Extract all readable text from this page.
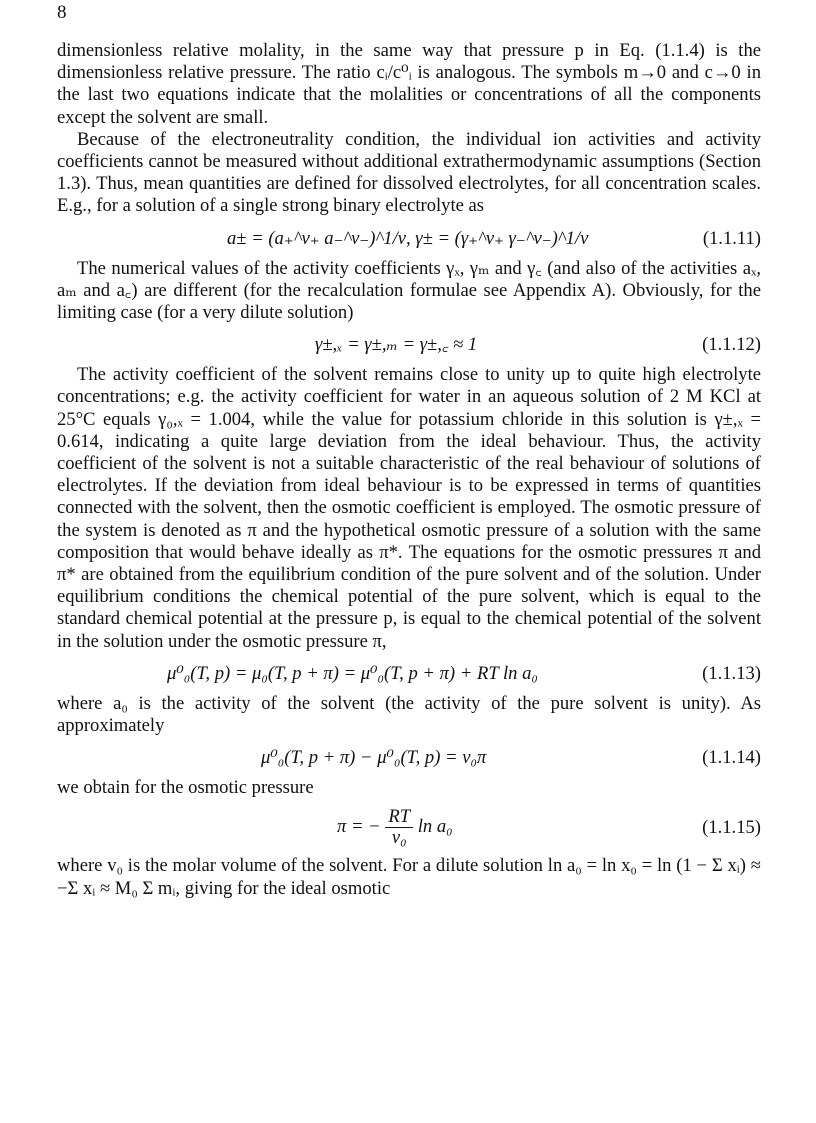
8

dimensionless relative molality, in the same way that pressure p in Eq. (1.1.4) is the dimensionless relative pressure. The ratio cᵢ/c⁰ᵢ is analogous. The symbols m→0 and c→0 in the last two equations indicate that the molalities or concentrations of all the components except the solvent are small.

Because of the electroneutrality condition, the individual ion activities and activity coefficients cannot be measured without additional extrathermodynamic assumptions (Section 1.3). Thus, mean quantities are defined for dissolved electrolytes, for all concentration scales. E.g., for a solution of a single strong binary electrolyte as

a± = (a₊^ν₊ a₋^ν₋)^1/ν, γ± = (γ₊^ν₊ γ₋^ν₋)^1/ν	(1.1.11)

The numerical values of the activity coefficients γₓ, γₘ and γ꜀ (and also of the activities aₓ, aₘ and a꜀) are different (for the recalculation formulae see Appendix A). Obviously, for the limiting case (for a very dilute solution)

γ±,ₓ = γ±,ₘ = γ±,꜀ ≈ 1	(1.1.12)

The activity coefficient of the solvent remains close to unity up to quite high electrolyte concentrations; e.g. the activity coefficient for water in an aqueous solution of 2 M KCl at 25°C equals γ₀,ₓ = 1.004, while the value for potassium chloride in this solution is γ±,ₓ = 0.614, indicating a quite large deviation from the ideal behaviour. Thus, the activity coefficient of the solvent is not a suitable characteristic of the real behaviour of solutions of electrolytes. If the deviation from ideal behaviour is to be expressed in terms of quantities connected with the solvent, then the osmotic coefficient is employed. The osmotic pressure of the system is denoted as π and the hypothetical osmotic pressure of a solution with the same composition that would behave ideally as π*. The equations for the osmotic pressures π and π* are obtained from the equilibrium condition of the pure solvent and of the solution. Under equilibrium conditions the chemical potential of the pure solvent, which is equal to the standard chemical potential at the pressure p, is equal to the chemical potential of the solvent in the solution under the osmotic pressure π,

μ⁰₀(T, p) = μ₀(T, p + π) = μ⁰₀(T, p + π) + RT ln a₀	(1.1.13)

where a₀ is the activity of the solvent (the activity of the pure solvent is unity). As approximately

μ⁰₀(T, p + π) − μ⁰₀(T, p) = v₀π	(1.1.14)

we obtain for the osmotic pressure

π = − $\frac{RT}{\text{v₀}}$ ln a₀	(1.1.15)

where v₀ is the molar volume of the solvent. For a dilute solution ln a₀ = ln x₀ = ln (1 − Σ xᵢ) ≈ −Σ xᵢ ≈ M₀ Σ mᵢ, giving for the ideal osmotic
